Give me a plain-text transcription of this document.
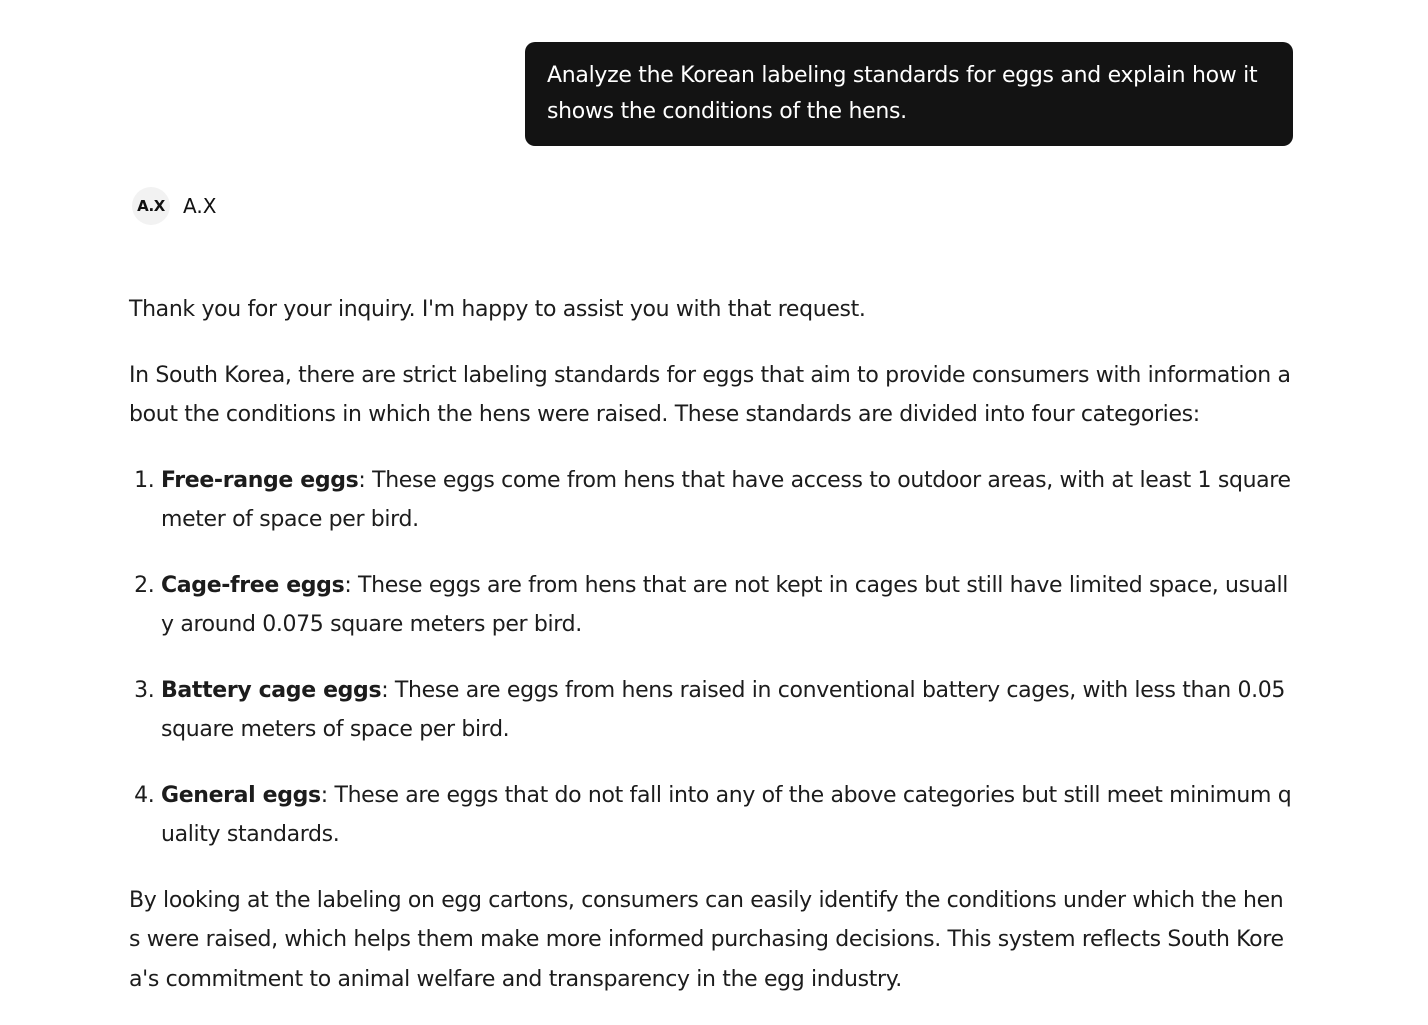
Analyze the Korean labeling standards for eggs and explain how it shows the conditions of the hens.
A.X A.X

Thank you for your inquiry. I'm happy to assist you with that request.

In South Korea, there are strict labeling standards for eggs that aim to provide consumers with information about the conditions in which the hens were raised. These standards are divided into four categories:

1. Free-range eggs: These eggs come from hens that have access to outdoor areas, with at least 1 square meter of space per bird.
2. Cage-free eggs: These eggs are from hens that are not kept in cages but still have limited space, usually around 0.075 square meters per bird.
3. Battery cage eggs: These are eggs from hens raised in conventional battery cages, with less than 0.05 square meters of space per bird.
4. General eggs: These are eggs that do not fall into any of the above categories but still meet minimum quality standards.

By looking at the labeling on egg cartons, consumers can easily identify the conditions under which the hens were raised, which helps them make more informed purchasing decisions. This system reflects South Korea's commitment to animal welfare and transparency in the egg industry.
